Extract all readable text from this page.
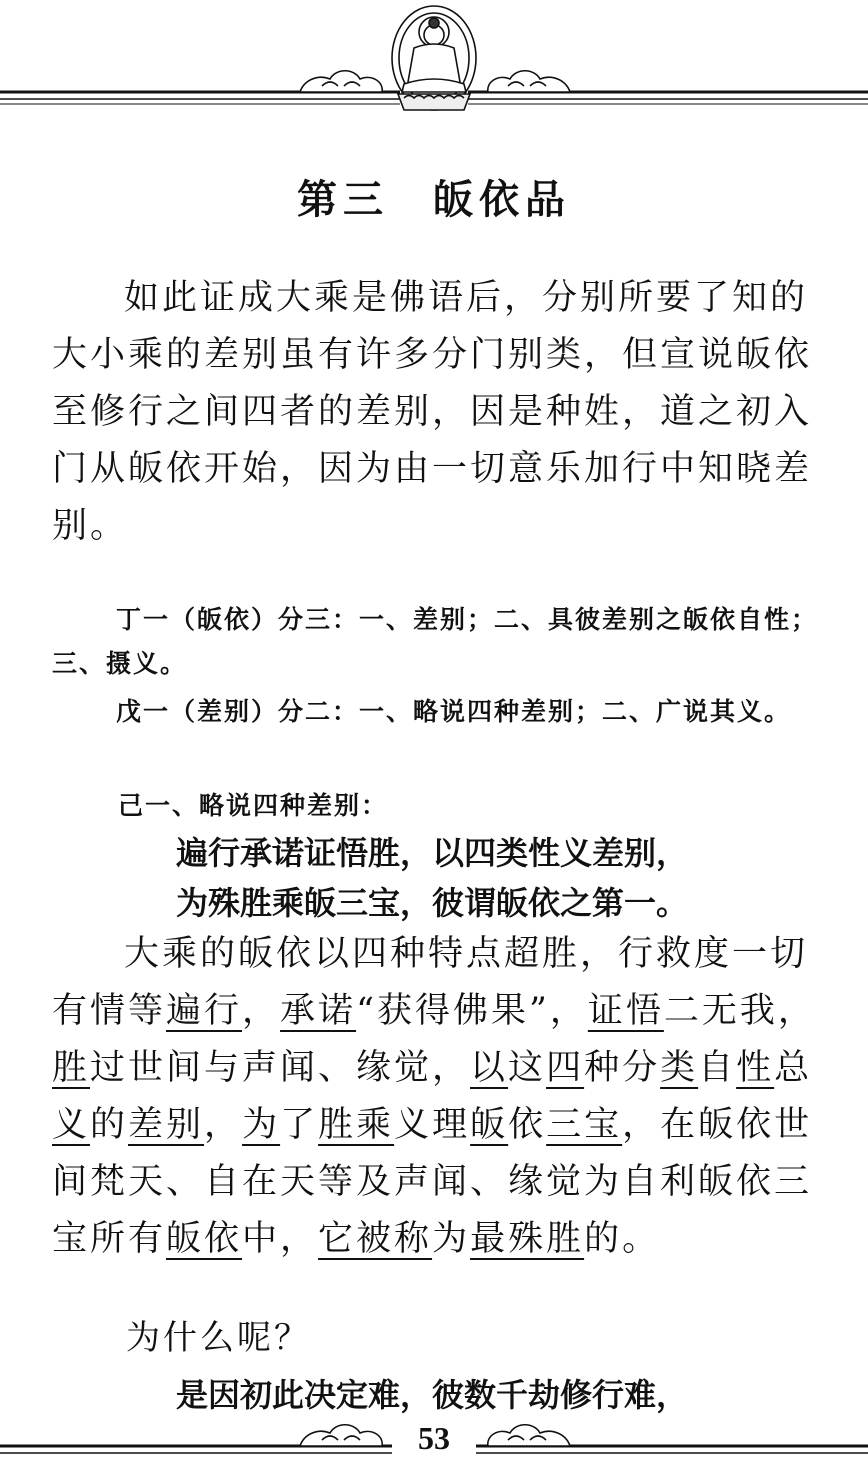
第三 皈依品
如此证成大乘是佛语后，分别所要了知的大小乘的差别虽有许多分门别类，但宣说皈依至修行之间四者的差别，因是种姓，道之初入门从皈依开始，因为由一切意乐加行中知晓差别。
丁一（皈依）分三：一、差别；二、具彼差别之皈依自性；三、摄义。
戊一（差别）分二：一、略说四种差别；二、广说其义。
己一、略说四种差别：
遍行承诺证悟胜，以四类性义差别，
为殊胜乘皈三宝，彼谓皈依之第一。
大乘的皈依以四种特点超胜，行救度一切有情等遍行，承诺“获得佛果”，证悟二无我，胜过世间与声闻、缘觉，以这四种分类自性总义的差别，为了胜乘义理皈依三宝，在皈依世间梵天、自在天等及声闻、缘觉为自利皈依三宝所有皈依中，它被称为最殊胜的。
为什么呢？
是因初此决定难，彼数千劫修行难，
53
